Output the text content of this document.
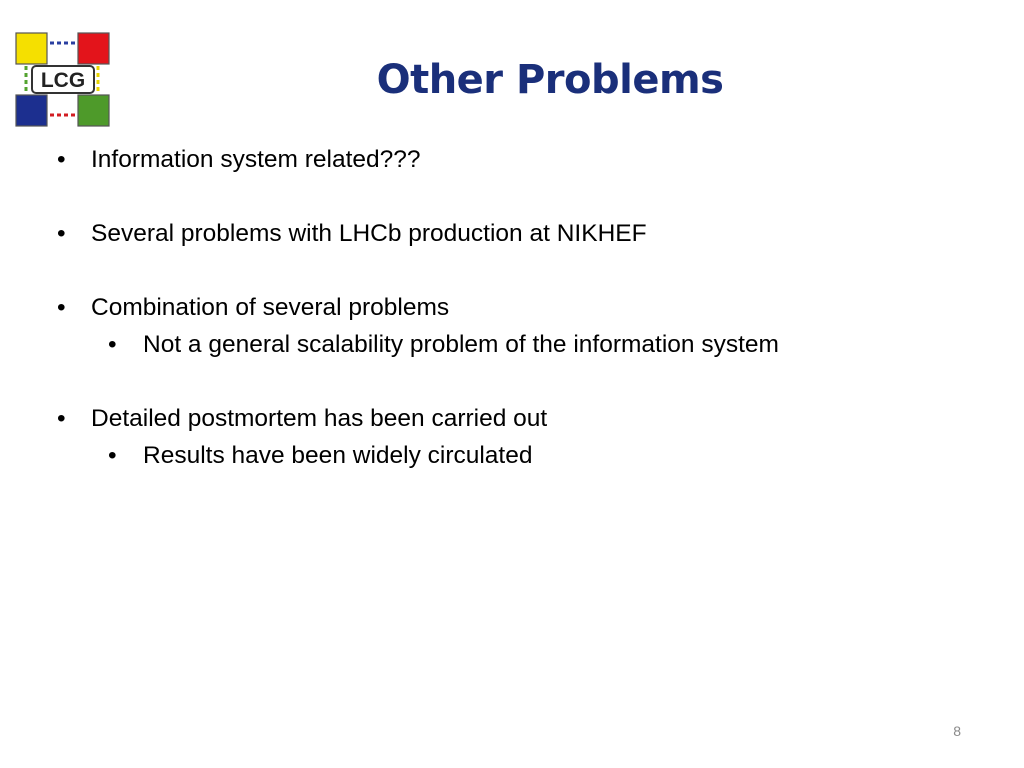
LCG	Other Problems
• Information system related???
• Several problems with LHCb production at NIKHEF
• Combination of several problems
• Not a general scalability problem of the information system
• Detailed postmortem has been carried out
• Results have been widely circulated
8
